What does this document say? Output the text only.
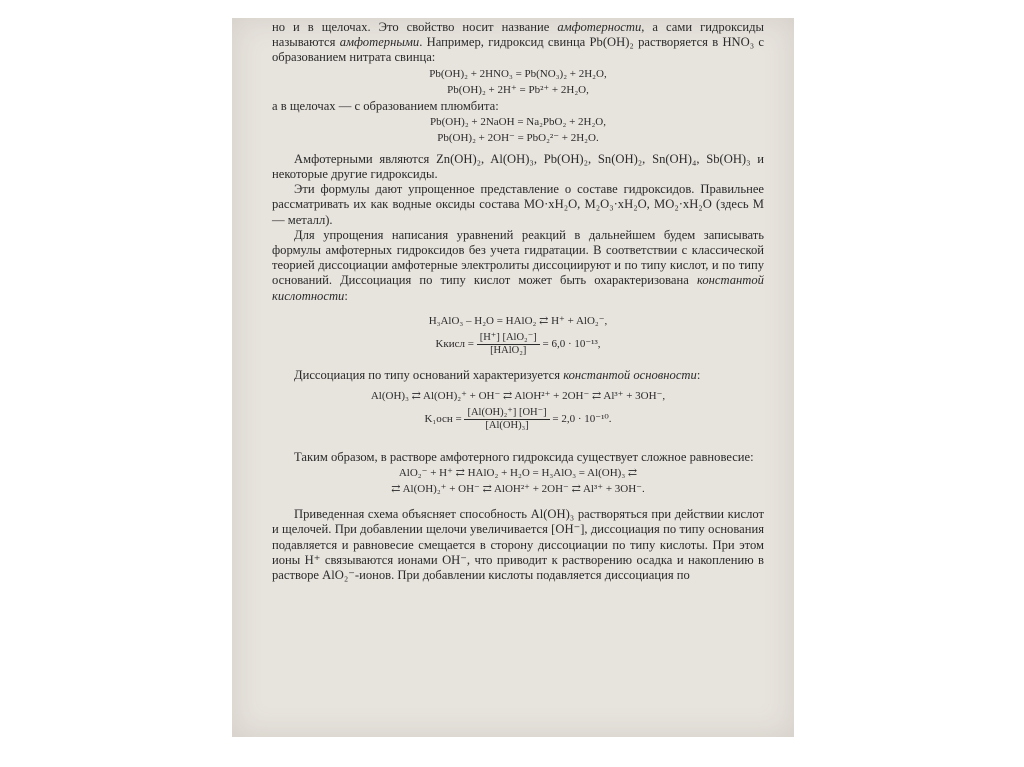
но и в щелочах. Это свойство носит название амфотерности, а сами гидроксиды называются амфотерными. Например, гидроксид свинца Pb(OH)₂ растворяется в HNO₃ с образованием нитрата свинца:

Pb(OH)₂ + 2HNO₃ = Pb(NO₃)₂ + 2H₂O,
Pb(OH)₂ + 2H⁺ = Pb²⁺ + 2H₂O,

а в щелочах — с образованием плюмбита:

Pb(OH)₂ + 2NaOH = Na₂PbO₂ + 2H₂O,
Pb(OH)₂ + 2OH⁻ = PbO₂²⁻ + 2H₂O.

Амфотерными являются Zn(OH)₂, Al(OH)₃, Pb(OH)₂, Sn(OH)₂, Sn(OH)₄, Sb(OH)₃ и некоторые другие гидроксиды.

Эти формулы дают упрощенное представление о составе гидроксидов. Правильнее рассматривать их как водные оксиды состава MO·xH₂O, M₂O₃·xH₂O, MO₂·xH₂O (здесь M — металл).

Для упрощения написания уравнений реакций в дальнейшем будем записывать формулы амфотерных гидроксидов без учета гидратации. В соответствии с классической теорией диссоциации амфотерные электролиты диссоциируют и по типу кислот, и по типу оснований. Диссоциация по типу кислот может быть охарактеризована константой кислотности:

H₃AlO₃ – H₂O = HAlO₂ ⇄ H⁺ + AlO₂⁻,
Kкисл = $\frac{\text{[H⁺] [AlO₂⁻]}}{\text{[HAlO₂]}} = 6,0 \cdot 10^{-13}$,

Диссоциация по типу оснований характеризуется константой основности:

Al(OH)₃ ⇄ Al(OH)₂⁺ + OH⁻ ⇄ AlOH²⁺ + 2OH⁻ ⇄ Al³⁺ + 3OH⁻,
$K_1осн = \frac{\text{[Al(OH)₂⁺] [OH⁻]}}{\text{[Al(OH)₃]}} = 2,0 \cdot 10^{-10}$.

Таким образом, в растворе амфотерного гидроксида существует сложное равновесие:

AlO₂⁻ + H⁺ ⇄ HAlO₂ + H₂O = H₃AlO₃ = Al(OH)₃ ⇄
⇄ Al(OH)₂⁺ + OH⁻ ⇄ AlOH²⁺ + 2OH⁻ ⇄ Al³⁺ + 3OH⁻.

Приведенная схема объясняет способность Al(OH)₃ растворяться при действии кислот и щелочей. При добавлении щелочи увеличивается [OH⁻], диссоциация по типу основания подавляется и равновесие смещается в сторону диссоциации по типу кислоты. При этом ионы H⁺ связываются ионами OH⁻, что приводит к растворению осадка и накоплению в растворе AlO₂⁻-ионов. При добавлении кислоты подавляется диссоциация по
